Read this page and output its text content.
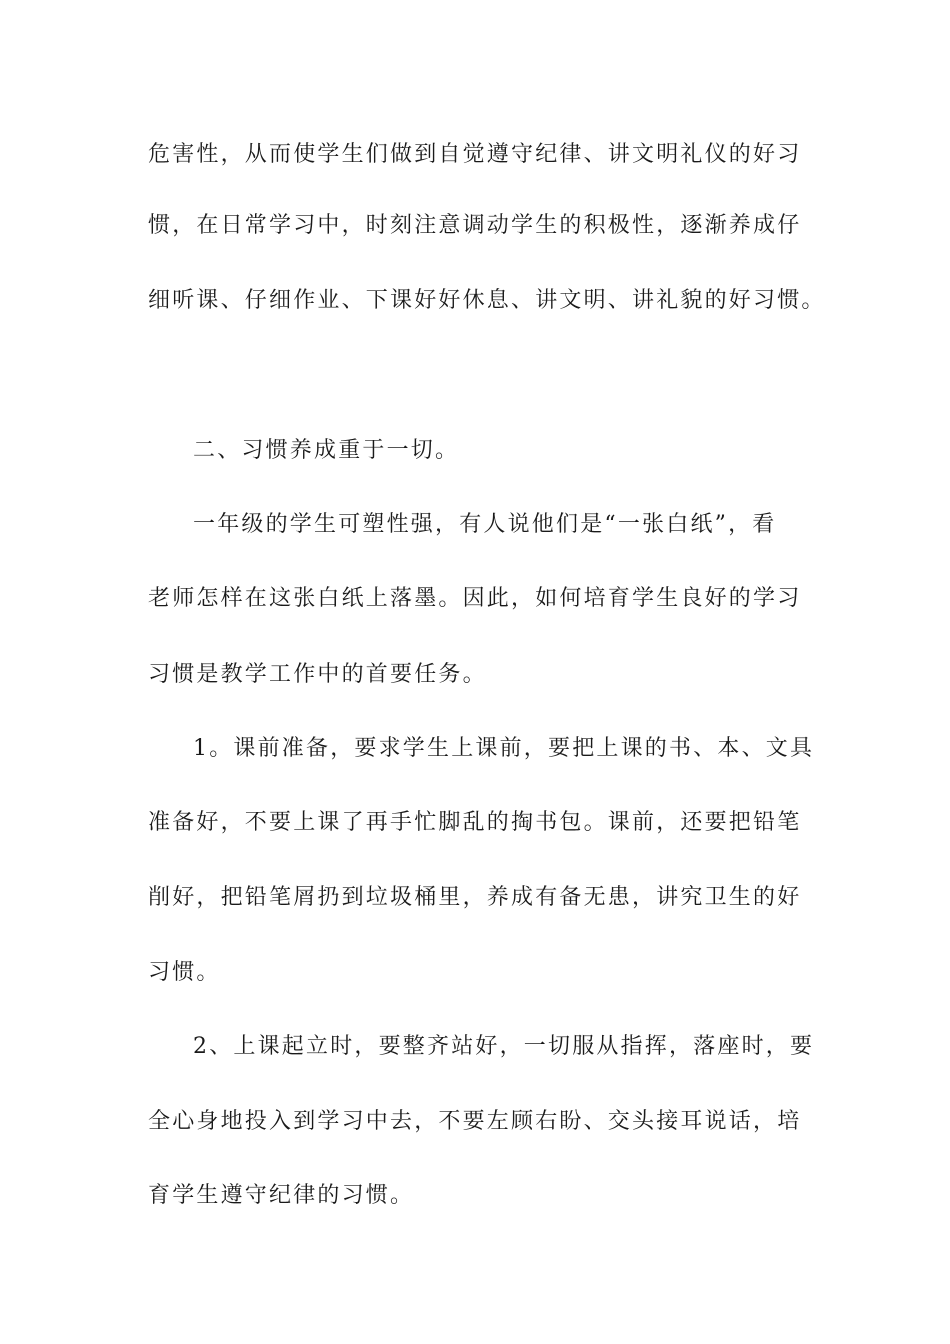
危害性，从而使学生们做到自觉遵守纪律、讲文明礼仪的好习
惯，在日常学习中，时刻注意调动学生的积极性，逐渐养成仔
细听课、仔细作业、下课好好休息、讲文明、讲礼貌的好习惯。
二、习惯养成重于一切。
一年级的学生可塑性强，有人说他们是“一张白纸”，看
老师怎样在这张白纸上落墨。因此，如何培育学生良好的学习
习惯是教学工作中的首要任务。
1。课前准备，要求学生上课前，要把上课的书、本、文具
准备好，不要上课了再手忙脚乱的掏书包。课前，还要把铅笔
削好，把铅笔屑扔到垃圾桶里，养成有备无患，讲究卫生的好
习惯。
2、上课起立时，要整齐站好，一切服从指挥，落座时，要
全心身地投入到学习中去，不要左顾右盼、交头接耳说话，培
育学生遵守纪律的习惯。
